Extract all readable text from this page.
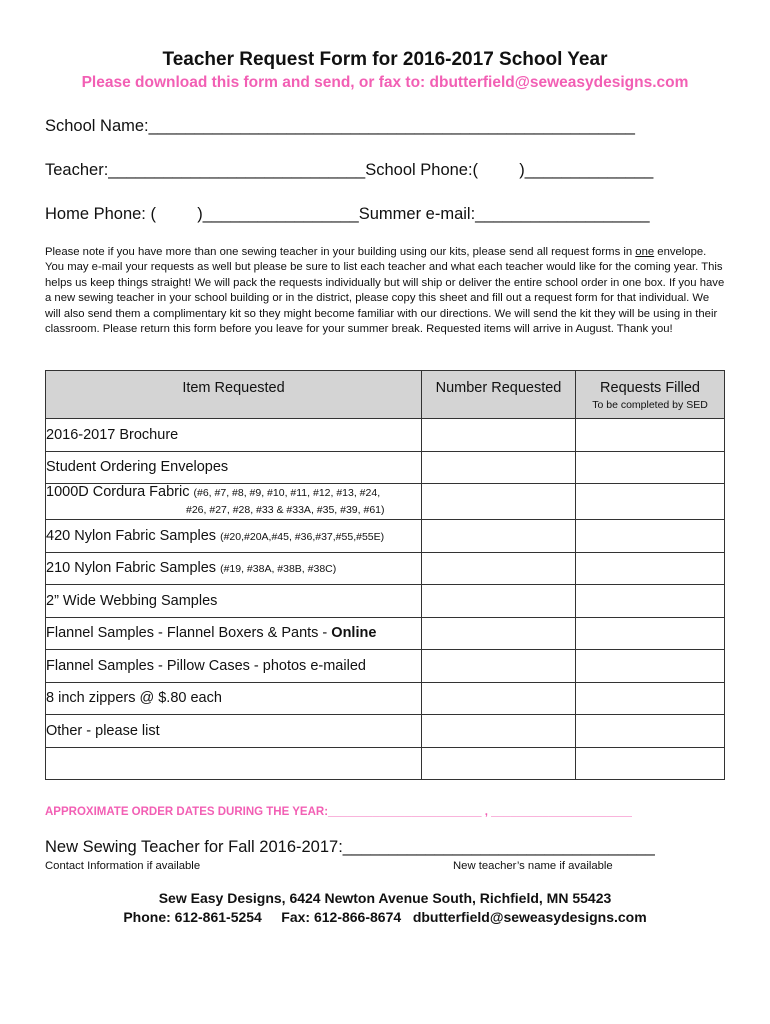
Teacher Request Form for 2016-2017 School Year
Please download this form and send, or fax to: dbutterfield@seweasydesigns.com
School Name:_____________________________________________________
Teacher:____________________________School Phone:(         )______________
Home Phone: (         )_________________Summer e-mail:___________________
Please note if you have more than one sewing teacher in your building using our kits, please send all request forms in one envelope. You may e-mail your requests as well but please be sure to list each teacher and what each teacher would like for the coming year. This helps us keep things straight! We will pack the requests individually but will ship or deliver the entire school order in one box. If you have a new sewing teacher in your school building or in the district, please copy this sheet and fill out a request form for that individual. We will also send them a complimentary kit so they might become familiar with our directions. We will send the kit they will be using in their classroom. Please return this form before you leave for your summer break. Requested items will arrive in August. Thank you!
Item Requested	Number Requested	Requests Filled
To be completed by SED

2016-2017 Brochure		
Student Ordering Envelopes		
1000D Cordura Fabric (#6, #7, #8, #9, #10, #11, #12, #13, #24,
#26, #27, #28, #33 & #33A, #35, #39, #61)		

420 Nylon Fabric Samples (#20,#20A,#45, #36,#37,#55,#55E)		
210 Nylon Fabric Samples (#19, #38A, #38B, #38C)		
2” Wide Webbing Samples		
Flannel Samples - Flannel Boxers & Pants - Online		
Flannel Samples - Pillow Cases - photos e-mailed		
8 inch zippers @ $.80 each		
Other - please list		

APPROXIMATE ORDER DATES DURING THE YEAR:________________________ , ______________________
New Sewing Teacher for Fall 2016-2017:__________________________________
Contact Information if available	New teacher’s name if available
Sew Easy Designs, 6424 Newton Avenue South, Richfield, MN 55423
Phone: 612-861-5254     Fax: 612-866-8674   dbutterfield@seweasydesigns.com
